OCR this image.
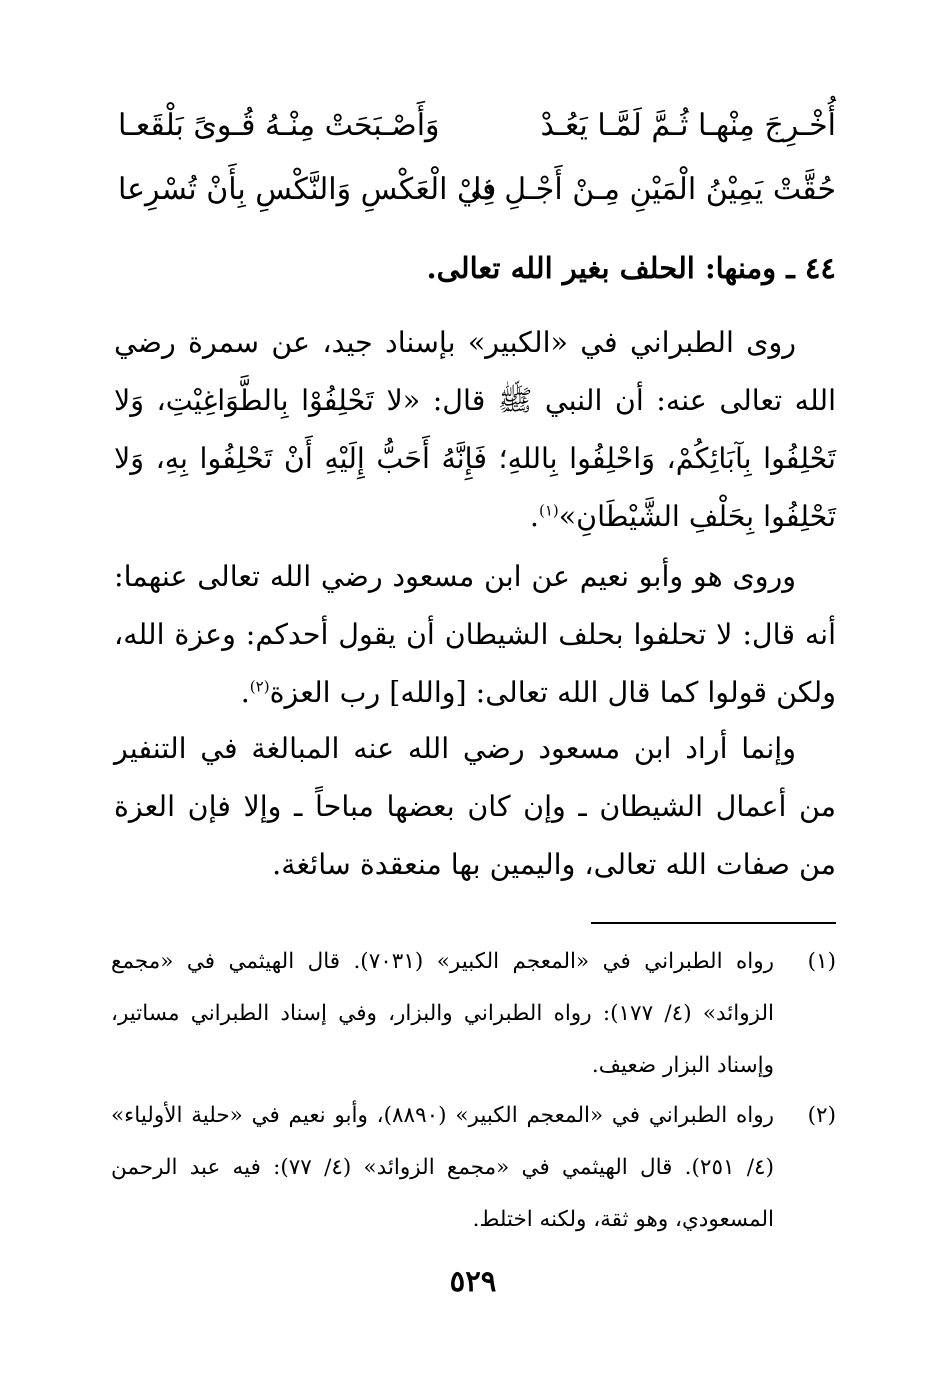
أُخْـرِجَ مِنْهـا ثُـمَّ لَمَّـا يَعُـدْ
وَأَصْـبَحَتْ مِنْـهُ قُـوىً بَلْقَعـا
حُقَّتْ يَمِيْنُ الْمَيْنِ مِـنْ أَجْـلِ ذا
فِيْ الْعَكْسِ وَالنَّكْسِ بِأَنْ تُسْرِعا
٤٤ ـ ومنها: الحلف بغير الله تعالى.

روى الطبراني في «الكبير» بإسناد جيد، عن سمرة رضي الله تعالى عنه: أن النبي ﷺ قال: «لا تَحْلِفُوْا بِالطَّوَاغِيْتِ، وَلا تَحْلِفُوا بِآبَائِكُمْ، وَاحْلِفُوا بِاللهِ؛ فَإِنَّهُ أَحَبُّ إِلَيْهِ أَنْ تَحْلِفُوا بِهِ، وَلا تَحْلِفُوا بِحَلْفِ الشَّيْطَانِ»$^{(١)}$.

وروى هو وأبو نعيم عن ابن مسعود رضي الله تعالى عنهما: أنه قال: لا تحلفوا بحلف الشيطان أن يقول أحدكم: وعزة الله، ولكن قولوا كما قال الله تعالى: [والله] رب العزة$^{(٢)}$.

وإنما أراد ابن مسعود رضي الله عنه المبالغة في التنفير من أعمال الشيطان ـ وإن كان بعضها مباحاً ـ وإلا فإن العزة من صفات الله تعالى، واليمين بها منعقدة سائغة.

(١)

رواه الطبراني في «المعجم الكبير» (٧٠٣١). قال الهيثمي في «مجمع الزوائد» (٤/ ١٧٧): رواه الطبراني والبزار، وفي إسناد الطبراني مساتير، وإسناد البزار ضعيف.

(٢)

رواه الطبراني في «المعجم الكبير» (٨٨٩٠)، وأبو نعيم في «حلية الأولياء» (٤/ ٢٥١). قال الهيثمي في «مجمع الزوائد» (٤/ ٧٧): فيه عبد الرحمن المسعودي، وهو ثقة، ولكنه اختلط.

٥٢٩
